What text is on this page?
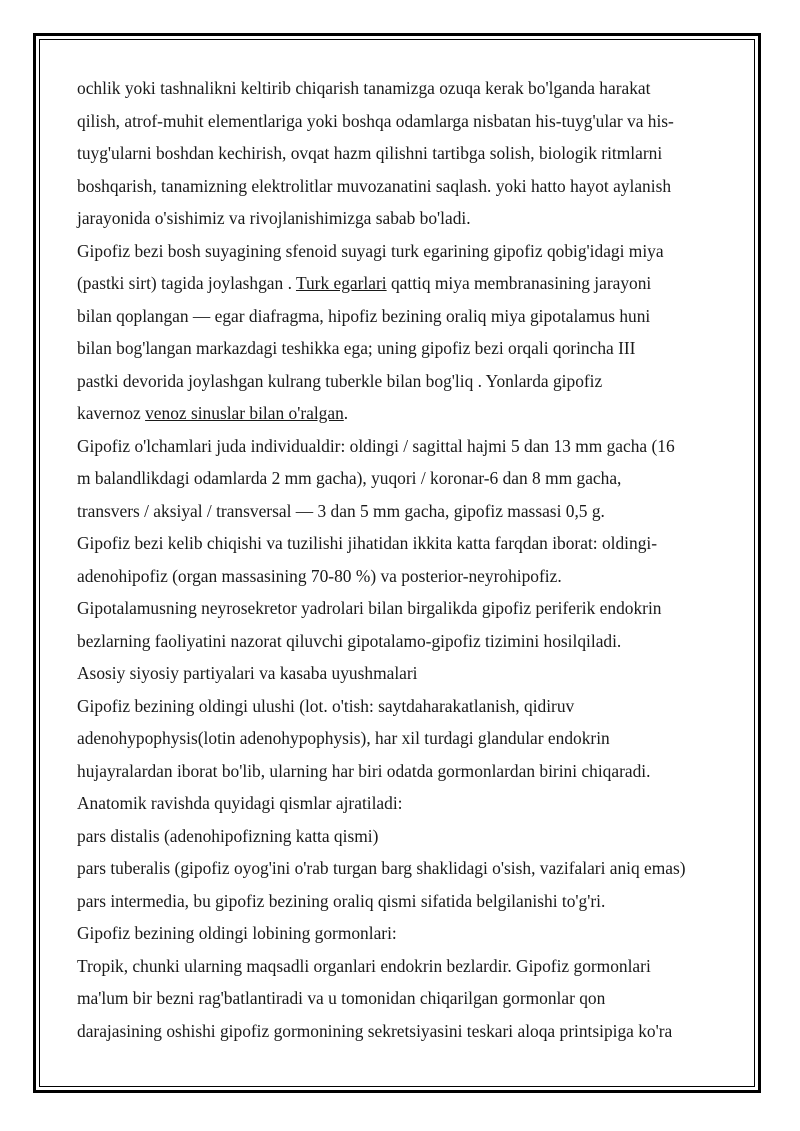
ochlik yoki tashnalikni keltirib chiqarish tanamizga ozuqa kerak bo'lganda harakat
qilish, atrof-muhit elementlariga yoki boshqa odamlarga nisbatan his-tuyg'ular va his-
tuyg'ularni boshdan kechirish, ovqat hazm qilishni tartibga solish, biologik ritmlarni
boshqarish, tanamizning elektrolitlar muvozanatini saqlash. yoki hatto hayot aylanish
jarayonida o'sishimiz va rivojlanishimizga sabab bo'ladi.
Gipofiz bezi bosh suyagining sfenoid suyagi turk egarining gipofiz qobig'idagi miya
(pastki sirt) tagida joylashgan . Turk egarlari qattiq miya membranasining jarayoni
bilan qoplangan — egar diafragma, hipofiz bezining oraliq miya gipotalamus huni
bilan bog'langan markazdagi teshikka ega; uning gipofiz bezi orqali qorincha III
pastki devorida joylashgan kulrang tuberkle bilan bog'liq . Yonlarda gipofiz
kavernoz venoz sinuslar bilan o'ralgan.
Gipofiz o'lchamlari juda individualdir: oldingi / sagittal hajmi 5 dan 13 mm gacha (16
m balandlikdagi odamlarda 2 mm gacha), yuqori / koronar-6 dan 8 mm gacha,
transvers / aksiyal / transversal — 3 dan 5 mm gacha, gipofiz massasi 0,5 g.
Gipofiz bezi kelib chiqishi va tuzilishi jihatidan ikkita katta farqdan iborat: oldingi-
adenohipofiz (organ massasining 70-80 %) va posterior-neyrohipofiz.
Gipotalamusning neyrosekretor yadrolari bilan birgalikda gipofiz periferik endokrin
bezlarning faoliyatini nazorat qiluvchi gipotalamo-gipofiz tizimini hosilqiladi.
Asosiy siyosiy partiyalari va kasaba uyushmalari
Gipofiz bezining oldingi ulushi (lot. o'tish: saytdaharakatlanish, qidiruv
adenohypophysis(lotin adenohypophysis), har xil turdagi glandular endokrin
hujayralardan iborat bo'lib, ularning har biri odatda gormonlardan birini chiqaradi.
Anatomik ravishda quyidagi qismlar ajratiladi:
pars distalis (adenohipofizning katta qismi)
pars tuberalis (gipofiz oyog'ini o'rab turgan barg shaklidagi o'sish, vazifalari aniq emas)
pars intermedia, bu gipofiz bezining oraliq qismi sifatida belgilanishi to'g'ri.
Gipofiz bezining oldingi lobining gormonlari:
Tropik, chunki ularning maqsadli organlari endokrin bezlardir. Gipofiz gormonlari
ma'lum bir bezni rag'batlantiradi va u tomonidan chiqarilgan gormonlar qon
darajasining oshishi gipofiz gormonining sekretsiyasini teskari aloqa printsipiga ko'ra
